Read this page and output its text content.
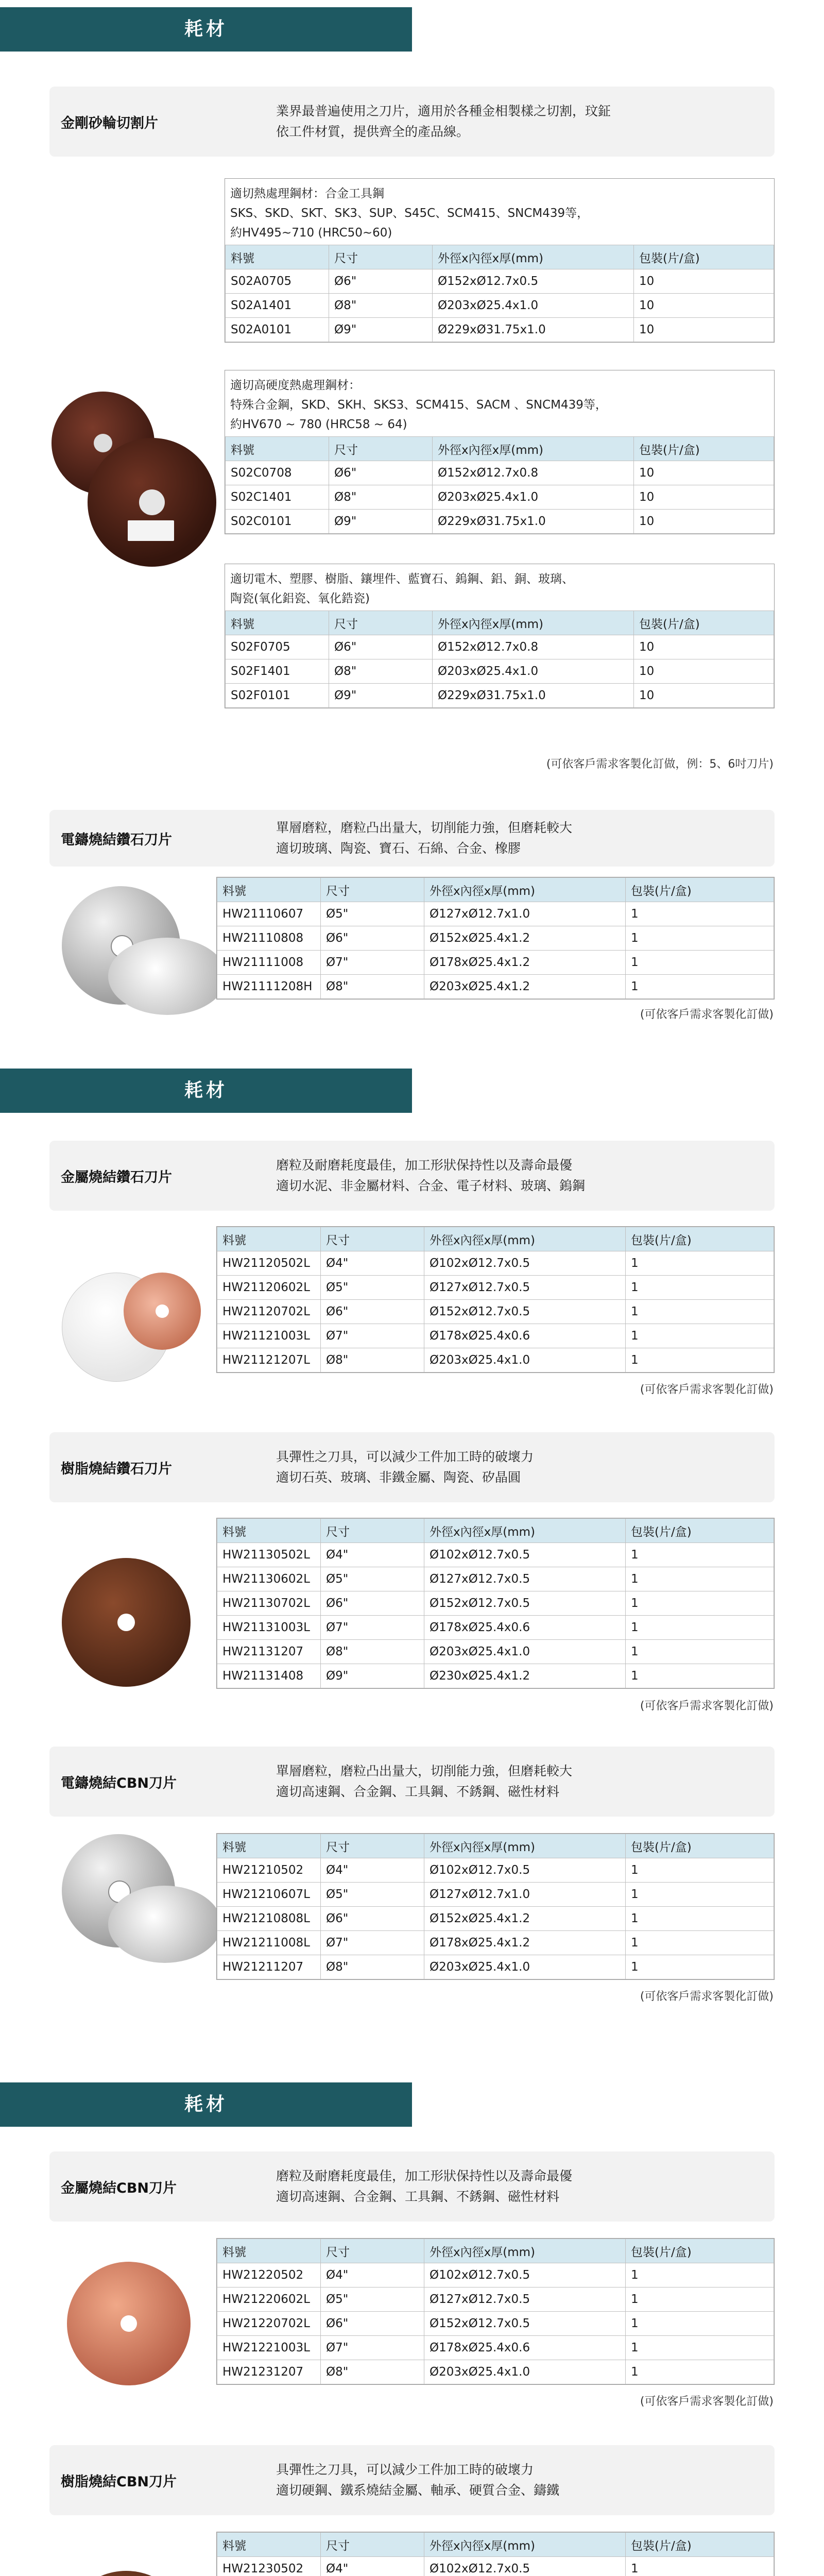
耗材
金剛砂輪切割片
業界最普遍使用之刀片，適用於各種金相製樣之切割，玟鉦
依工件材質，提供齊全的產品線。
適切熱處理鋼材：合金工具鋼
SKS、SKD、SKT、SK3、SUP、S45C、SCM415、SNCM439等，
約HV495~710 (HRC50~60)
料號	尺寸	外徑x內徑x厚(mm)	包裝(片/盒)
S02A0705	Ø6"	Ø152xØ12.7x0.5	10
S02A1401	Ø8"	Ø203xØ25.4x1.0	10
S02A0101	Ø9"	Ø229xØ31.75x1.0	10
適切高硬度熱處理鋼材：
特殊合金鋼，SKD、SKH、SKS3、SCM415、SACM 、SNCM439等，
約HV670 ~ 780 (HRC58 ~ 64)
料號	尺寸	外徑x內徑x厚(mm)	包裝(片/盒)
S02C0708	Ø6"	Ø152xØ12.7x0.8	10
S02C1401	Ø8"	Ø203xØ25.4x1.0	10
S02C0101	Ø9"	Ø229xØ31.75x1.0	10
適切電木、塑膠、樹脂、鑲埋件、藍寶石、鎢鋼、鋁、銅、玻璃、
陶瓷(氧化鋁瓷、氧化鋯瓷)
料號	尺寸	外徑x內徑x厚(mm)	包裝(片/盒)
S02F0705	Ø6"	Ø152xØ12.7x0.8	10
S02F1401	Ø8"	Ø203xØ25.4x1.0	10
S02F0101	Ø9"	Ø229xØ31.75x1.0	10
(可依客戶需求客製化訂做，例：5、6吋刀片)
電鑄燒結鑽石刀片
單層磨粒，磨粒凸出量大，切削能力強，但磨耗較大
適切玻璃、陶瓷、寶石、石綿、合金、橡膠
料號	尺寸	外徑x內徑x厚(mm)	包裝(片/盒)
HW21110607	Ø5"	Ø127xØ12.7x1.0	1
HW21110808	Ø6"	Ø152xØ25.4x1.2	1
HW21111008	Ø7"	Ø178xØ25.4x1.2	1
HW21111208H	Ø8"	Ø203xØ25.4x1.2	1
(可依客戶需求客製化訂做)
耗材
金屬燒結鑽石刀片
磨粒及耐磨耗度最佳，加工形狀保持性以及壽命最優
適切水泥、非金屬材料、合金、電子材料、玻璃、鎢鋼
料號	尺寸	外徑x內徑x厚(mm)	包裝(片/盒)
HW21120502L	Ø4"	Ø102xØ12.7x0.5	1
HW21120602L	Ø5"	Ø127xØ12.7x0.5	1
HW21120702L	Ø6"	Ø152xØ12.7x0.5	1
HW21121003L	Ø7"	Ø178xØ25.4x0.6	1
HW21121207L	Ø8"	Ø203xØ25.4x1.0	1
(可依客戶需求客製化訂做)
樹脂燒結鑽石刀片
具彈性之刀具，可以減少工件加工時的破壞力
適切石英、玻璃、非鐵金屬、陶瓷、矽晶圓
料號	尺寸	外徑x內徑x厚(mm)	包裝(片/盒)
HW21130502L	Ø4"	Ø102xØ12.7x0.5	1
HW21130602L	Ø5"	Ø127xØ12.7x0.5	1
HW21130702L	Ø6"	Ø152xØ12.7x0.5	1
HW21131003L	Ø7"	Ø178xØ25.4x0.6	1
HW21131207	Ø8"	Ø203xØ25.4x1.0	1
HW21131408	Ø9"	Ø230xØ25.4x1.2	1
(可依客戶需求客製化訂做)
電鑄燒結CBN刀片
單層磨粒，磨粒凸出量大，切削能力強，但磨耗較大
適切高速鋼、合金鋼、工具鋼、不銹鋼、磁性材料
料號	尺寸	外徑x內徑x厚(mm)	包裝(片/盒)
HW21210502	Ø4"	Ø102xØ12.7x0.5	1
HW21210607L	Ø5"	Ø127xØ12.7x1.0	1
HW21210808L	Ø6"	Ø152xØ25.4x1.2	1
HW21211008L	Ø7"	Ø178xØ25.4x1.2	1
HW21211207	Ø8"	Ø203xØ25.4x1.0	1
(可依客戶需求客製化訂做)
耗材
金屬燒結CBN刀片
磨粒及耐磨耗度最佳，加工形狀保持性以及壽命最優
適切高速鋼、合金鋼、工具鋼、不銹鋼、磁性材料
料號	尺寸	外徑x內徑x厚(mm)	包裝(片/盒)
HW21220502	Ø4"	Ø102xØ12.7x0.5	1
HW21220602L	Ø5"	Ø127xØ12.7x0.5	1
HW21220702L	Ø6"	Ø152xØ12.7x0.5	1
HW21221003L	Ø7"	Ø178xØ25.4x0.6	1
HW21231207	Ø8"	Ø203xØ25.4x1.0	1
(可依客戶需求客製化訂做)
樹脂燒結CBN刀片
具彈性之刀具，可以減少工件加工時的破壞力
適切硬鋼、鐵系燒結金屬、軸承、硬質合金、鑄鐵
料號	尺寸	外徑x內徑x厚(mm)	包裝(片/盒)
HW21230502	Ø4"	Ø102xØ12.7x0.5	1
